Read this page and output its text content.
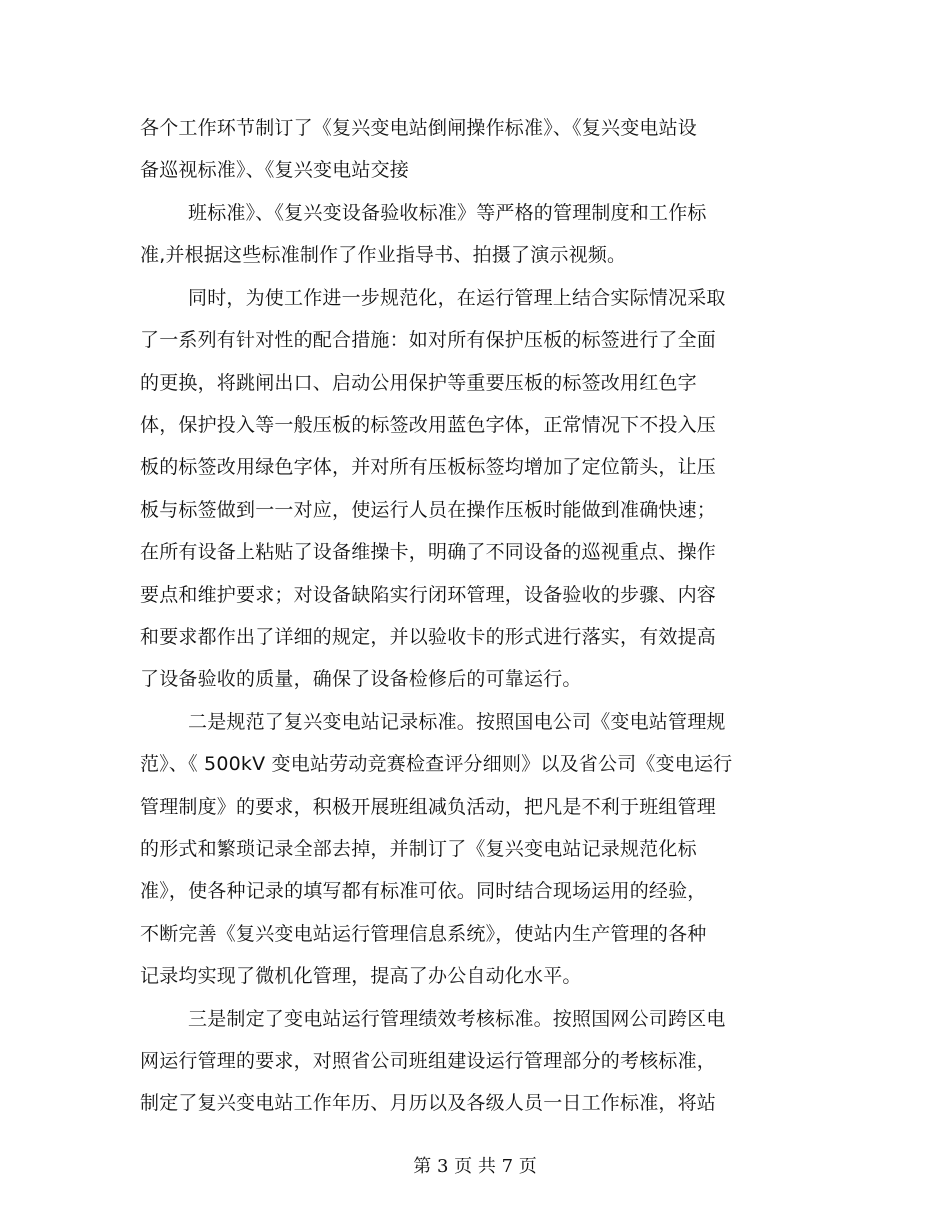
各个工作环节制订了《复兴变电站倒闸操作标准》、《复兴变电站设
备巡视标准》、《复兴变电站交接
班标准》、《复兴变设备验收标准》等严格的管理制度和工作标
准,并根据这些标准制作了作业指导书、拍摄了演示视频。
同时，为使工作进一步规范化，在运行管理上结合实际情况采取
了一系列有针对性的配合措施：如对所有保护压板的标签进行了全面
的更换，将跳闸出口、启动公用保护等重要压板的标签改用红色字
体，保护投入等一般压板的标签改用蓝色字体，正常情况下不投入压
板的标签改用绿色字体，并对所有压板标签均增加了定位箭头，让压
板与标签做到一一对应，使运行人员在操作压板时能做到准确快速；
在所有设备上粘贴了设备维操卡，明确了不同设备的巡视重点、操作
要点和维护要求；对设备缺陷实行闭环管理，设备验收的步骤、内容
和要求都作出了详细的规定，并以验收卡的形式进行落实，有效提高
了设备验收的质量，确保了设备检修后的可靠运行。
二是规范了复兴变电站记录标准。按照国电公司《变电站管理规
范》、《 500kV 变电站劳动竞赛检查评分细则》以及省公司《变电运行
管理制度》的要求，积极开展班组减负活动，把凡是不利于班组管理
的形式和繁琐记录全部去掉，并制订了《复兴变电站记录规范化标
准》，使各种记录的填写都有标准可依。同时结合现场运用的经验，
不断完善《复兴变电站运行管理信息系统》，使站内生产管理的各种
记录均实现了微机化管理，提高了办公自动化水平。
三是制定了变电站运行管理绩效考核标准。按照国网公司跨区电
网运行管理的要求，对照省公司班组建设运行管理部分的考核标准，
制定了复兴变电站工作年历、月历以及各级人员一日工作标准，将站
第 3 页 共 7 页
